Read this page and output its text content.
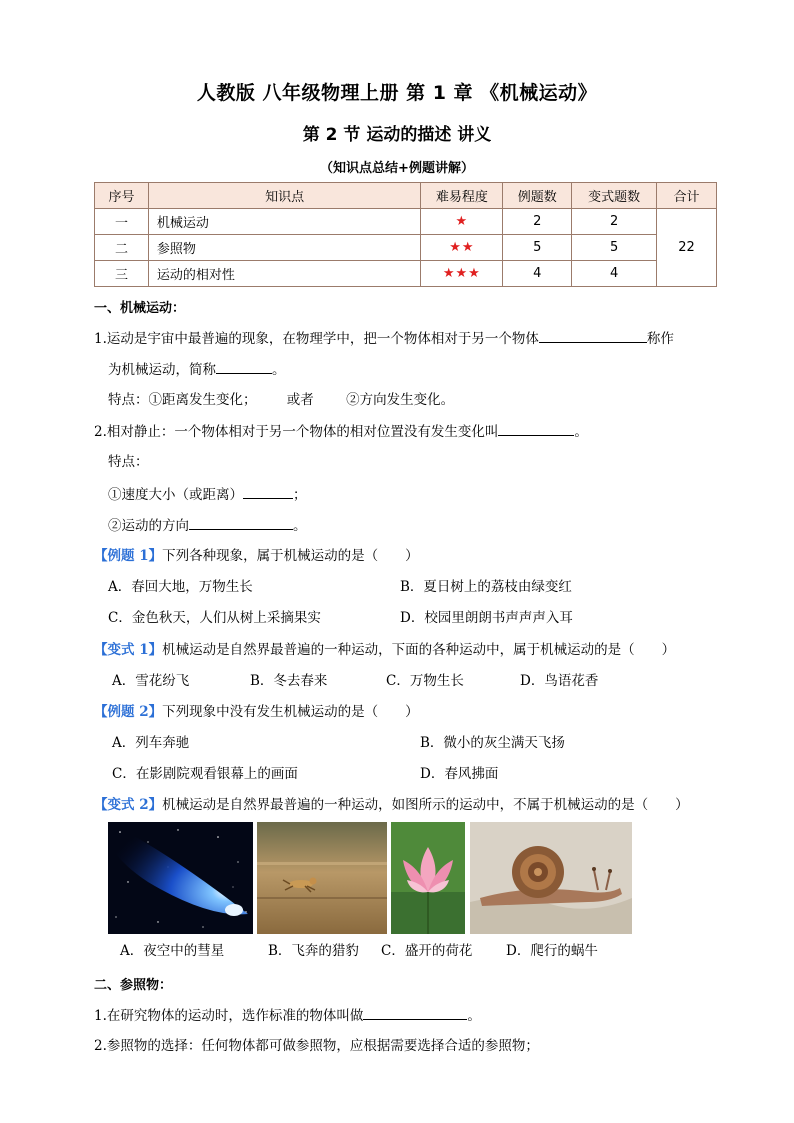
人教版 八年级物理上册 第 1 章 《机械运动》
第 2 节 运动的描述 讲义
（知识点总结+例题讲解）
序号	知识点	难易程度	例题数	变式题数	合计
一	机械运动	★	2	2	22
二	参照物	★★	5	5	
三	运动的相对性	★★★	4	4	
一、机械运动：
1.运动是宇宙中最普遍的现象，在物理学中，把一个物体相对于另一个物体	称作
为机械运动，简称	。
特点：①距离发生变化； 或者 ②方向发生变化。
2.相对静止：一个物体相对于另一个物体的相对位置没有发生变化叫	。
特点：
①速度大小（或距离）	；
②运动的方向	。
【例题 1】下列各种现象，属于机械运动的是（　　）
A．春回大地，万物生长	B．夏日树上的荔枝由绿变红
C．金色秋天，人们从树上采摘果实	D．校园里朗朗书声声声入耳
【变式 1】机械运动是自然界最普遍的一种运动，下面的各种运动中，属于机械运动的是（　　）
A．雪花纷飞	B．冬去春来	C．万物生长	D．鸟语花香
【例题 2】下列现象中没有发生机械运动的是（　　）
A．列车奔驰	B．微小的灰尘满天飞扬
C．在影剧院观看银幕上的画面	D．春风拂面
【变式 2】机械运动是自然界最普遍的一种运动，如图所示的运动中，不属于机械运动的是（　　）
A．夜空中的彗星	B．飞奔的猎豹 C．盛开的荷花 D．爬行的蜗牛
二、参照物：
1.在研究物体的运动时，选作标准的物体叫做	。
2.参照物的选择：任何物体都可做参照物，应根据需要选择合适的参照物；
